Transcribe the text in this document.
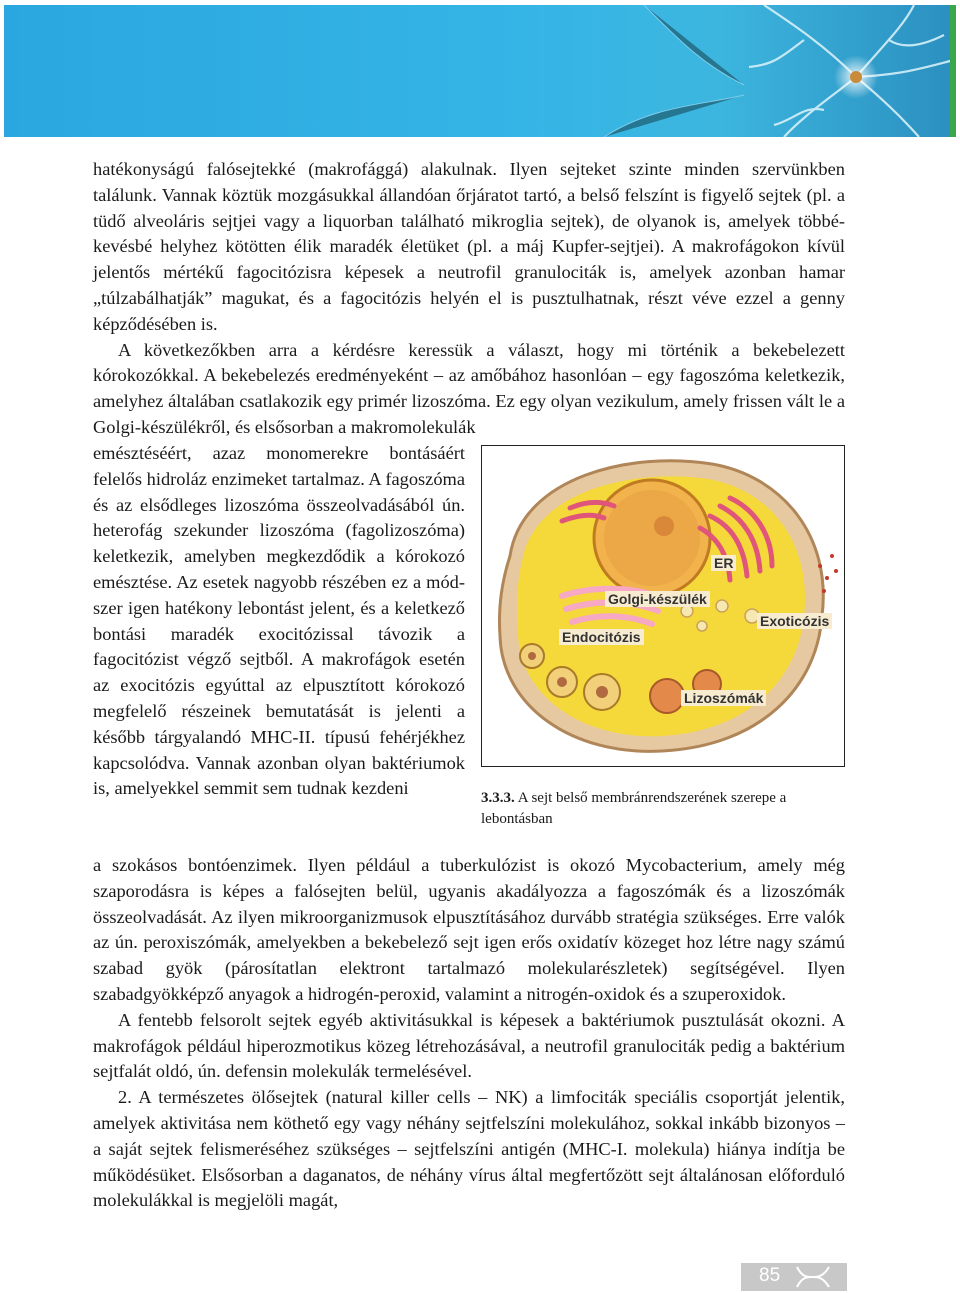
hatékonyságú falósejtekké (makrofággá) alakulnak. Ilyen sejteket szinte minden szervünkben találunk. Vannak köztük mozgásukkal állandóan őrjáratot tartó, a belső felszínt is figyelő sejtek (pl. a tüdő alveoláris sejtjei vagy a liquorban található mikroglia sejtek), de olyanok is, amelyek többé-kevésbé helyhez kötötten élik maradék életüket (pl. a máj Kupfer-sejtjei). A makrofágokon kívül jelentős mértékű fagocitózisra képesek a neutrofil granulociták is, amelyek azonban hamar „túlzabálhatják” magukat, és a fagocitózis helyén el is pusztulhatnak, részt véve ezzel a genny képződésében is.

A következőkben arra a kérdésre keressük a választ, hogy mi történik a bekebelezett kórokozókkal. A bekebelezés eredményeként – az amőbához hasonlóan – egy fagoszóma keletkezik, amelyhez általában csatlakozik egy primér lizoszóma. Ez egy olyan vezikulum, amely frissen vált le a Golgi-készülékről, és elsősorban a makromolekulák

emésztéséért, azaz monomerekre bontásáért felelős hidroláz enzimeket tartalmaz. A fagoszóma és az elsődleges lizoszóma összeolvadásából ún. heterofág szekunder lizoszóma (fagolizoszóma) keletkezik, amelyben megkezdődik a kórokozó emésztése. Az esetek nagyobb részében ez a módszer igen hatékony lebontást jelent, és a keletkező bontási maradék exocitózissal távozik a fagocitózist végző sejtből. A makrofágok esetén az exocitózis egyúttal az elpusztított kórokozó megfelelő részeinek bemutatását is jelenti a később tárgyalandó MHC-II. típusú fehérjékhez kapcsolódva. Vannak azonban olyan baktériumok is, amelyekkel semmit sem tudnak kezdeni

ER
Golgi-készülék
Exoticózis
Endocitózis
Lizoszómák
3.3.3. A sejt belső membránrendszerének szerepe a lebontásban

a szokásos bontóenzimek. Ilyen például a tuberkulózist is okozó Mycobacterium, amely még szaporodásra is képes a falósejten belül, ugyanis akadályozza a fagoszómák és a lizoszómák összeolvadását. Az ilyen mikroorganizmusok elpusztításához durvább stratégia szükséges. Erre valók az ún. peroxiszómák, amelyekben a bekebelező sejt igen erős oxidatív közeget hoz létre nagy számú szabad gyök (párosítatlan elektront tartalmazó molekularészletek) segítségével. Ilyen szabadgyökképző anyagok a hidrogén-peroxid, valamint a nitrogén-oxidok és a szuperoxidok.

A fentebb felsorolt sejtek egyéb aktivitásukkal is képesek a baktériumok pusztulását okozni. A makrofágok például hiperozmotikus közeg létrehozásával, a neutrofil granulociták pedig a baktérium sejtfalát oldó, ún. defensin molekulák termelésével.

2. A természetes ölősejtek (natural killer cells – NK) a limfociták speciális csoportját jelentik, amelyek aktivitása nem köthető egy vagy néhány sejtfelszíni molekulához, sokkal inkább bizonyos – a saját sejtek felismeréséhez szükséges – sejtfelszíni antigén (MHC-I. molekula) hiánya indítja be működésüket. Elsősorban a daganatos, de néhány vírus által megfertőzött sejt általánosan előforduló molekulákkal is megjelöli magát,

85
